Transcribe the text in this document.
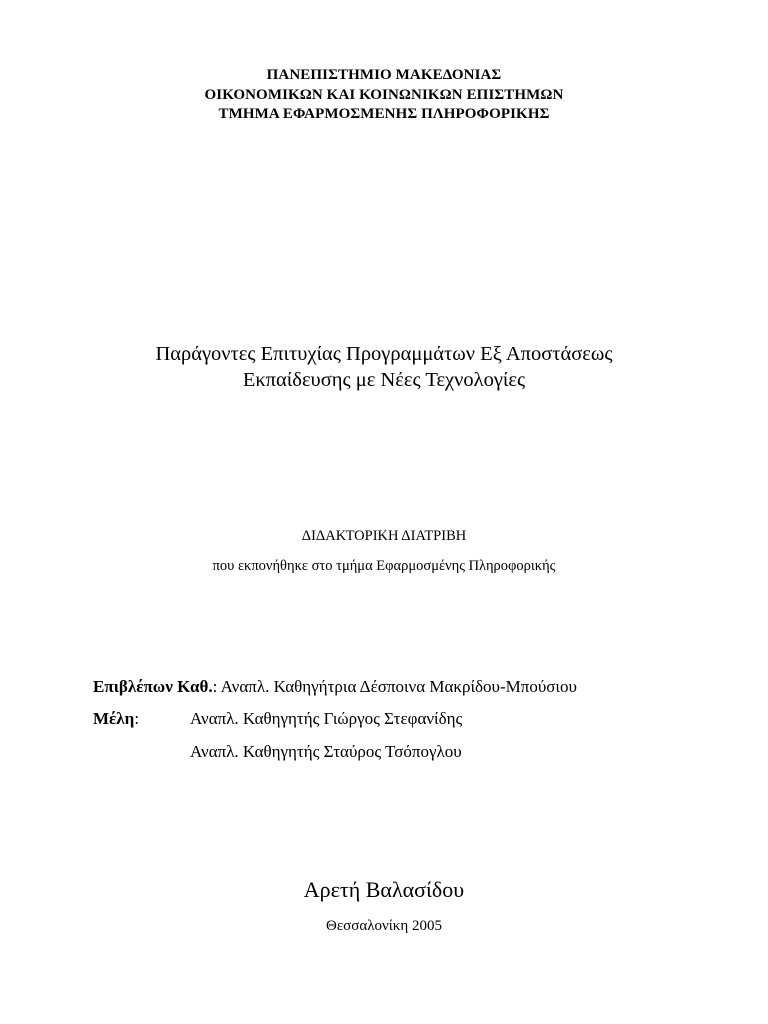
ΠΑΝΕΠΙΣΤΗΜΙΟ ΜΑΚΕΔΟΝΙΑΣ
ΟΙΚΟΝΟΜΙΚΩΝ ΚΑΙ ΚΟΙΝΩΝΙΚΩΝ ΕΠΙΣΤΗΜΩΝ
ΤΜΗΜΑ ΕΦΑΡΜΟΣΜΕΝΗΣ ΠΛΗΡΟΦΟΡΙΚΗΣ
Παράγοντες Επιτυχίας Προγραμμάτων Εξ Αποστάσεως
Εκπαίδευσης με Νέες Τεχνολογίες
ΔΙΔΑΚΤΟΡΙΚΗ ΔΙΑΤΡΙΒΗ
που εκπονήθηκε στο τμήμα Εφαρμοσμένης Πληροφορικής
Επιβλέπων Καθ.: Αναπλ. Καθηγήτρια Δέσποινα Μακρίδου-Μπούσιου
Μέλη:	Αναπλ. Καθηγητής Γιώργος Στεφανίδης
Αναπλ. Καθηγητής Σταύρος Τσόπογλου
Αρετή Βαλασίδου
Θεσσαλονίκη 2005
